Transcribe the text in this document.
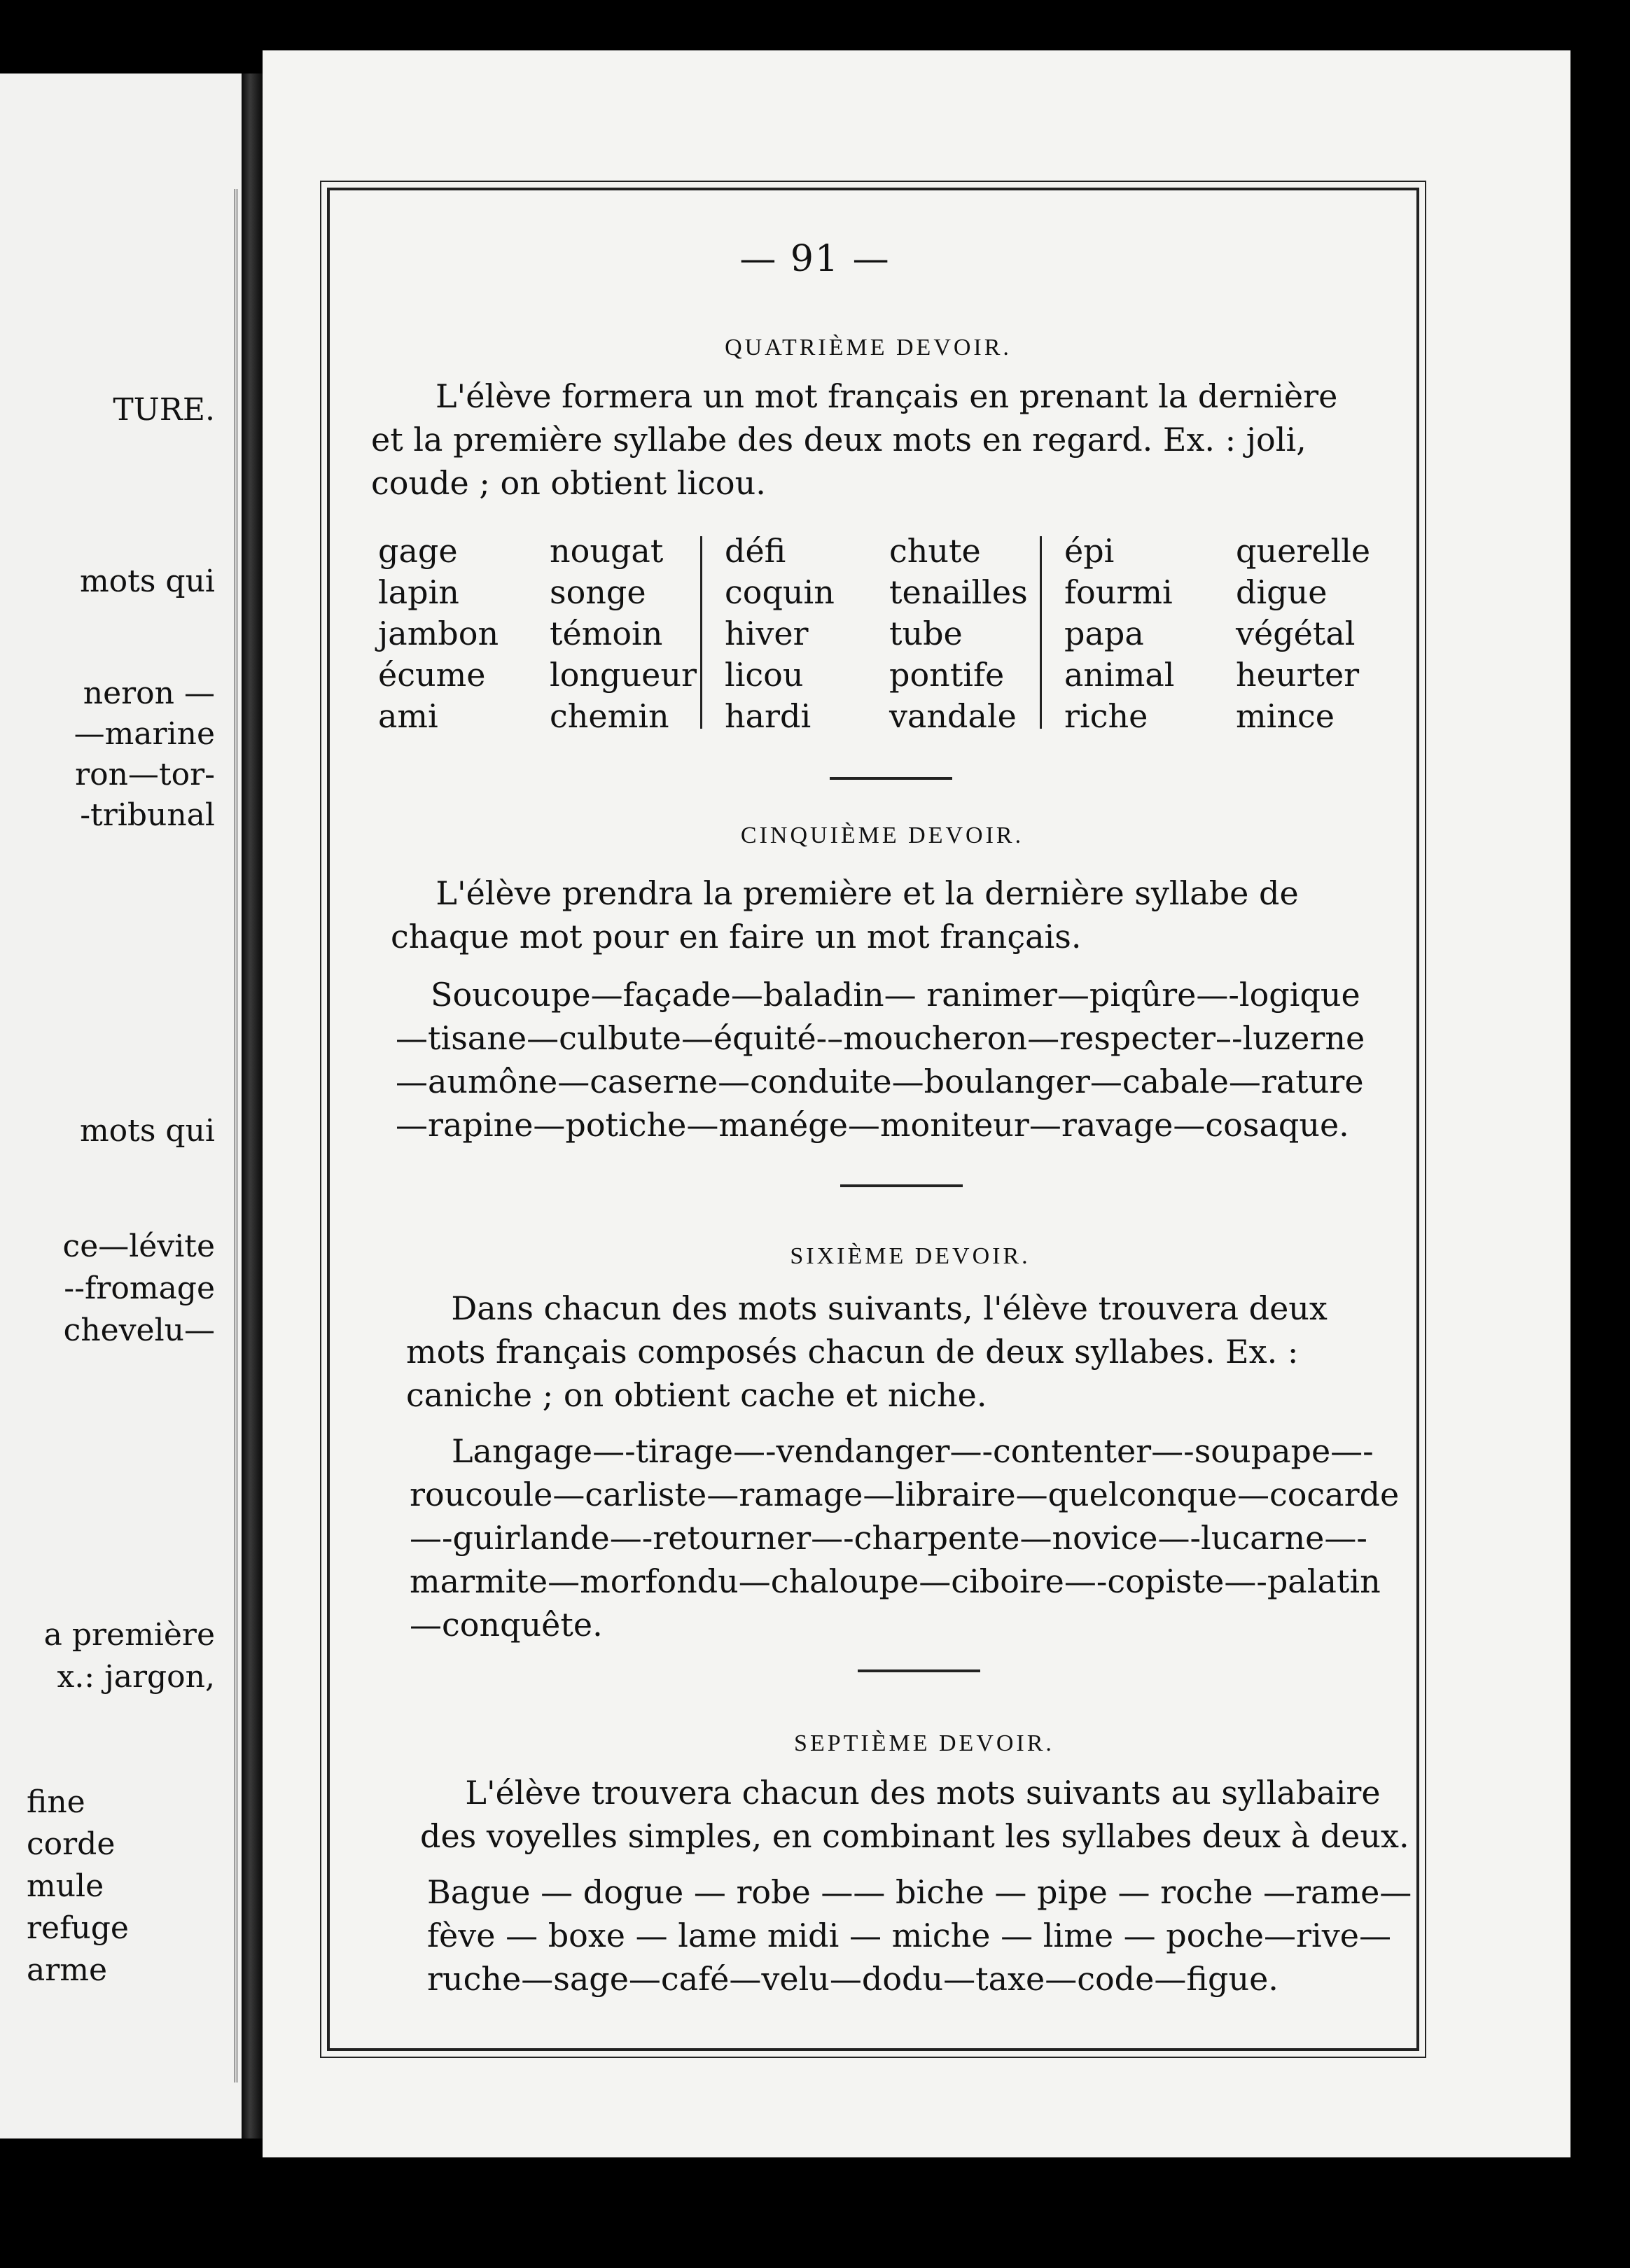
TURE.
mots qui
neron —
—marine
ron—tor-
-tribunal
mots qui
ce—lévite
--fromage
chevelu—
a première
x.: jargon,
fine
corde
mule
refuge
arme
— 91 —
QUATRIÈME DEVOIR.
L'élève formera un mot français en prenant la dernière
et la première syllabe des deux mots en regard. Ex. : joli,
coude ; on obtient licou.
gage
lapin
jambon
écume
ami
nougat
songe
témoin
longueur
chemin
défi
coquin
hiver
licou
hardi
chute
tenailles
tube
pontife
vandale
épi
fourmi
papa
animal
riche
querelle
digue
végétal
heurter
mince
CINQUIÈME DEVOIR.
L'élève prendra la première et la dernière syllabe de
chaque mot pour en faire un mot français.
Soucoupe—façade—baladin— ranimer—piqûre—-logique
—tisane—culbute—équité-–moucheron—respecter–-luzerne
—aumône—caserne—conduite—boulanger—cabale—rature
—rapine—potiche—manége—moniteur—ravage—cosaque.
SIXIÈME DEVOIR.
Dans chacun des mots suivants, l'élève trouvera deux
mots français composés chacun de deux syllabes. Ex. :
caniche ; on obtient cache et niche.
Langage—-tirage—-vendanger—-contenter—-soupape—-
roucoule—carliste—ramage—libraire—quelconque—cocarde
—-guirlande—-retourner—-charpente—novice—-lucarne—-
marmite—morfondu—chaloupe—ciboire—-copiste—-palatin
—conquête.
SEPTIÈME DEVOIR.
L'élève trouvera chacun des mots suivants au syllabaire
des voyelles simples, en combinant les syllabes deux à deux.
Bague — dogue — robe —— biche — pipe — roche —rame—
fève — boxe — lame midi — miche — lime — poche—rive—
ruche—sage—café—velu—dodu—taxe—code—figue.
